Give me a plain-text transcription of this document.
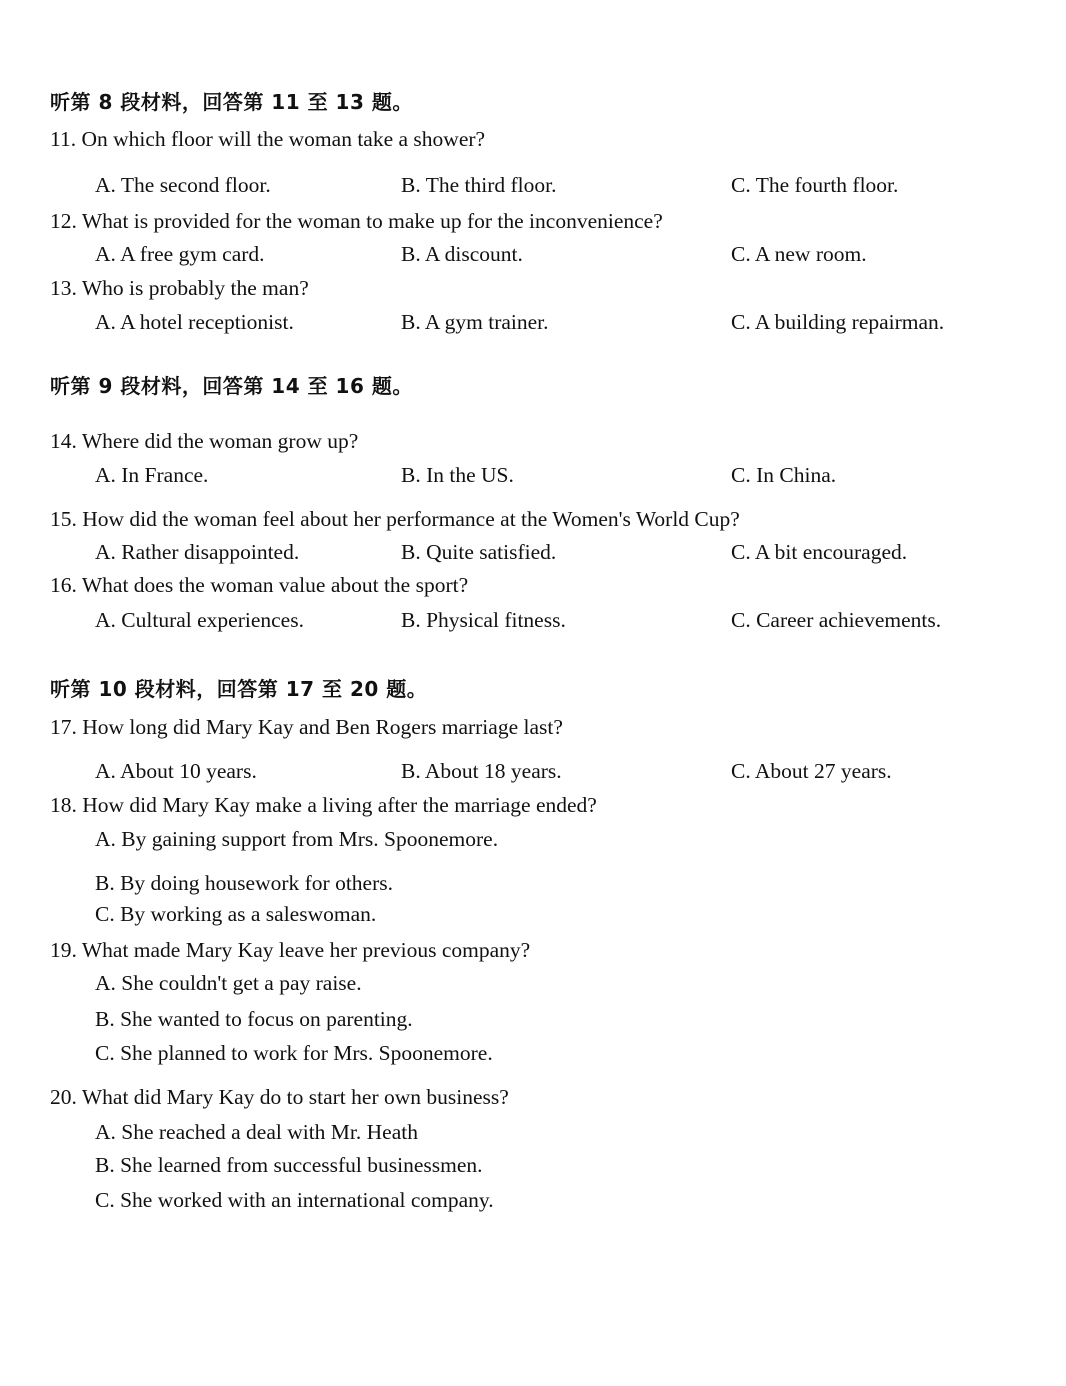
听第 8 段材料，回答第 11 至 13 题。
11. On which floor will the woman take a shower?
A. The second floor.	B. The third floor.	C. The fourth floor.
12. What is provided for the woman to make up for the inconvenience?
A. A free gym card.	B. A discount.	C. A new room.
13. Who is probably the man?
A. A hotel receptionist.	B. A gym trainer.	C. A building repairman.
听第 9 段材料，回答第 14 至 16 题。
14. Where did the woman grow up?
A. In France.	B. In the US.	C. In China.
15. How did the woman feel about her performance at the Women's World Cup?
A. Rather disappointed.	B. Quite satisfied.	C. A bit encouraged.
16. What does the woman value about the sport?
A. Cultural experiences.	B. Physical fitness.	C. Career achievements.
听第 10 段材料，回答第 17 至 20 题。
17. How long did Mary Kay and Ben Rogers marriage last?
A. About 10 years.	B. About 18 years.	C. About 27 years.
18. How did Mary Kay make a living after the marriage ended?
A. By gaining support from Mrs. Spoonemore.
B. By doing housework for others.
C. By working as a saleswoman.
19. What made Mary Kay leave her previous company?
A. She couldn't get a pay raise.
B. She wanted to focus on parenting.
C. She planned to work for Mrs. Spoonemore.
20. What did Mary Kay do to start her own business?
A. She reached a deal with Mr. Heath
B. She learned from successful businessmen.
C. She worked with an international company.
